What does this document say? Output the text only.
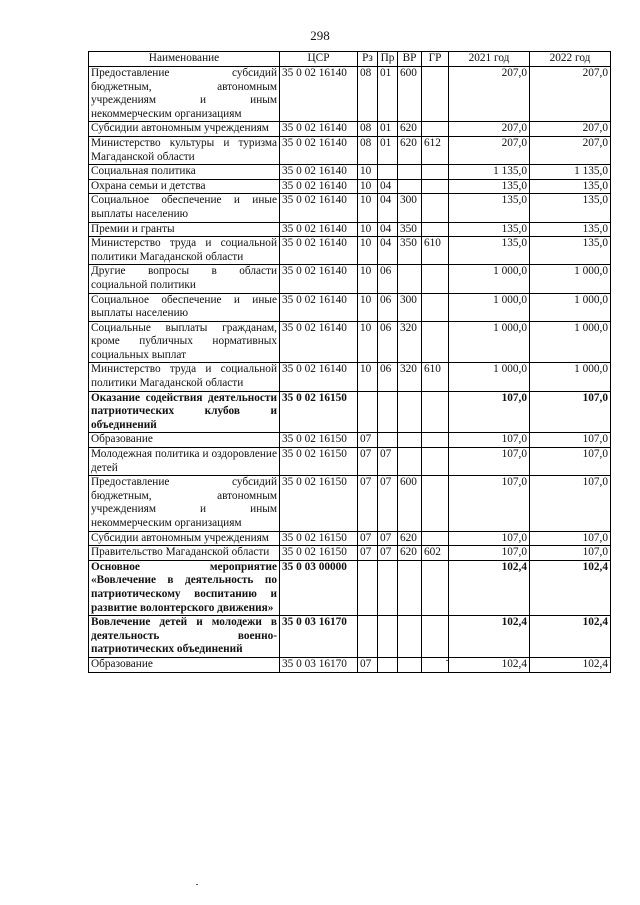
298
Наименование	ЦСР	Рз	Пр	ВР	ГР	2021 год	2022 год
Предоставление субсидий бюджетным, автономным учреждениям и иным некоммерческим организациям	35 0 02 16140	08	01	600		207,0	207,0
Субсидии автономным учреждениям	35 0 02 16140	08	01	620		207,0	207,0
Министерство культуры и туризма Магаданской области	35 0 02 16140	08	01	620	612	207,0	207,0
Социальная политика	35 0 02 16140	10				1 135,0	1 135,0
Охрана семьи и детства	35 0 02 16140	10	04			135,0	135,0
Социальное обеспечение и иные выплаты населению	35 0 02 16140	10	04	300		135,0	135,0
Премии и гранты	35 0 02 16140	10	04	350		135,0	135,0
Министерство труда и социальной политики Магаданской области	35 0 02 16140	10	04	350	610	135,0	135,0
Другие вопросы в области социальной политики	35 0 02 16140	10	06			1 000,0	1 000,0
Социальное обеспечение и иные выплаты населению	35 0 02 16140	10	06	300		1 000,0	1 000,0
Социальные выплаты гражданам, кроме публичных нормативных социальных выплат	35 0 02 16140	10	06	320		1 000,0	1 000,0
Министерство труда и социальной политики Магаданской области	35 0 02 16140	10	06	320	610	1 000,0	1 000,0
Оказание содействия деятельности патриотических клубов и объединений	35 0 02 16150					107,0	107,0
Образование	35 0 02 16150	07				107,0	107,0
Молодежная политика и оздоровление детей	35 0 02 16150	07	07			107,0	107,0
Предоставление субсидий бюджетным, автономным учреждениям и иным некоммерческим организациям	35 0 02 16150	07	07	600		107,0	107,0
Субсидии автономным учреждениям	35 0 02 16150	07	07	620		107,0	107,0
Правительство Магаданской области	35 0 02 16150	07	07	620	602	107,0	107,0
Основное мероприятие «Вовлечение в деятельность по патриотическому воспитанию и развитие волонтерского движения»	35 0 03 00000					102,4	102,4
Вовлечение детей и молодежи в деятельность военно-патриотических объединений	35 0 03 16170					102,4	102,4
Образование	35 0 03 16170	07				102,4	102,4
